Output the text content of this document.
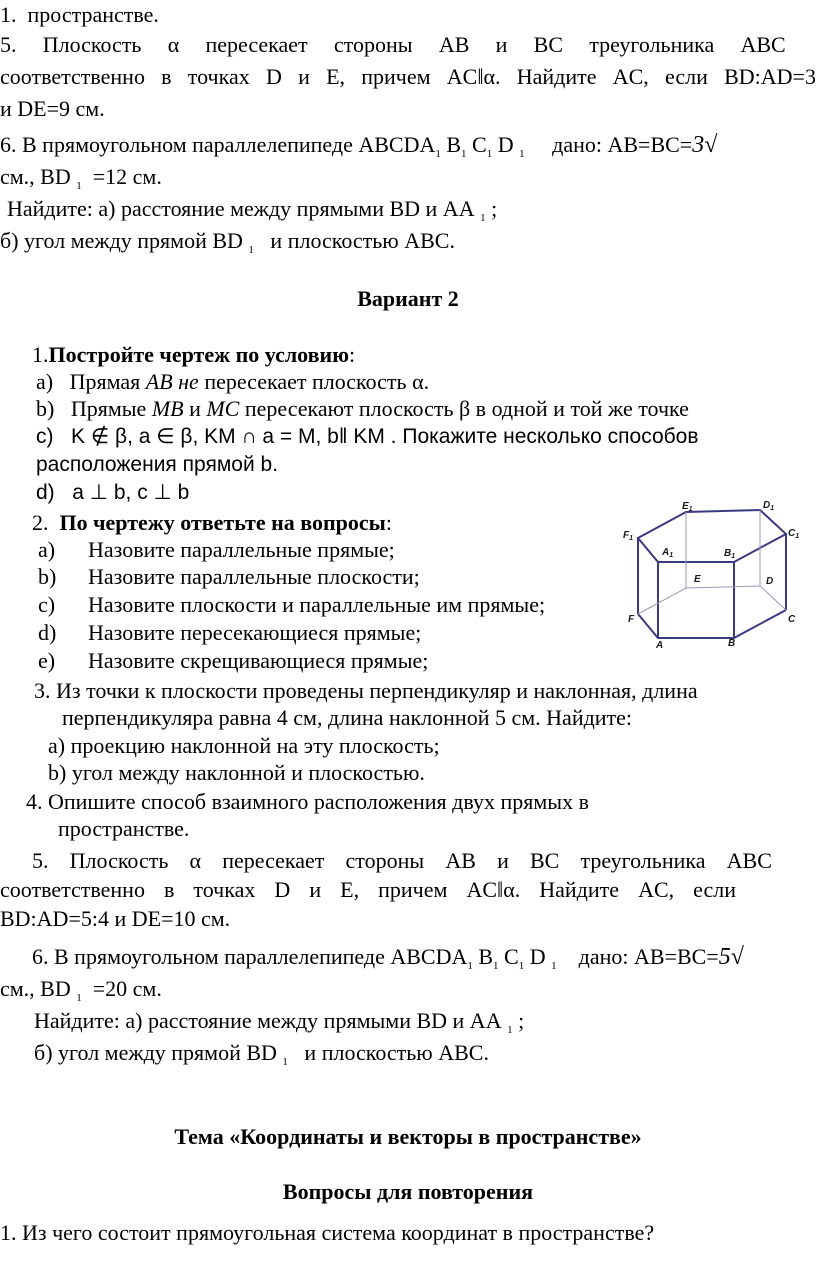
1. пространстве.
5. Плоскость α пересекает стороны AB и BC треугольника ABC
соответственно в точках D и E, причем AC‖α. Найдите AC, если BD:AD=3
и DE=9 см.
6. В прямоугольном параллелепипеде $ABCDA_1$ $B_1$ $C_1$ D $_1$ дано: AB=BC=3√
см., BD $_1$ =12 см.
Найдите: а) расстояние между прямыми BD и AA $_1$ ;
б) угол между прямой BD $_1$ и плоскостью ABC.
Вариант 2
1.Постройте чертеж по условию:
а) Прямая AB не пересекает плоскость α.
b) Прямые MB и MC пересекают плоскость β в одной и той же точке
c) K ∉ β, a ∈ β, KM ∩ a = M, b‖ KM . Покажите несколько способов
расположения прямой b.
d) a ⊥ b, c ⊥ b
2. По чертежу ответьте на вопросы:
a) Назовите параллельные прямые;
b) Назовите параллельные плоскости;
c) Назовите плоскости и параллельные им прямые;
d) Назовите пересекающиеся прямые;
e) Назовите скрещивающиеся прямые;
$E_1$	$D_1$
$C_1$
$F_1$
$A_1$	$B_1$
E	D
F	C
A	B
3. Из точки к плоскости проведены перпендикуляр и наклонная, длина
перпендикуляра равна 4 см, длина наклонной 5 см. Найдите:
a) проекцию наклонной на эту плоскость;
b) угол между наклонной и плоскостью.
4. Опишите способ взаимного расположения двух прямых в
пространстве.
5. Плоскость α пересекает стороны AB и BC треугольника ABC
соответственно в точках D и E, причем AC‖α. Найдите AC, если
BD:AD=5:4 и DE=10 см.
6. В прямоугольном параллелепипеде $ABCDA_1$ $B_1$ $C_1$ D $_1$ дано: AB=BC=5√
см., BD $_1$ =20 см.
Найдите: а) расстояние между прямыми BD и AA $_1$ ;
б) угол между прямой BD $_1$ и плоскостью ABC.
Тема «Координаты и векторы в пространстве»
Вопросы для повторения
1. Из чего состоит прямоугольная система координат в пространстве?
